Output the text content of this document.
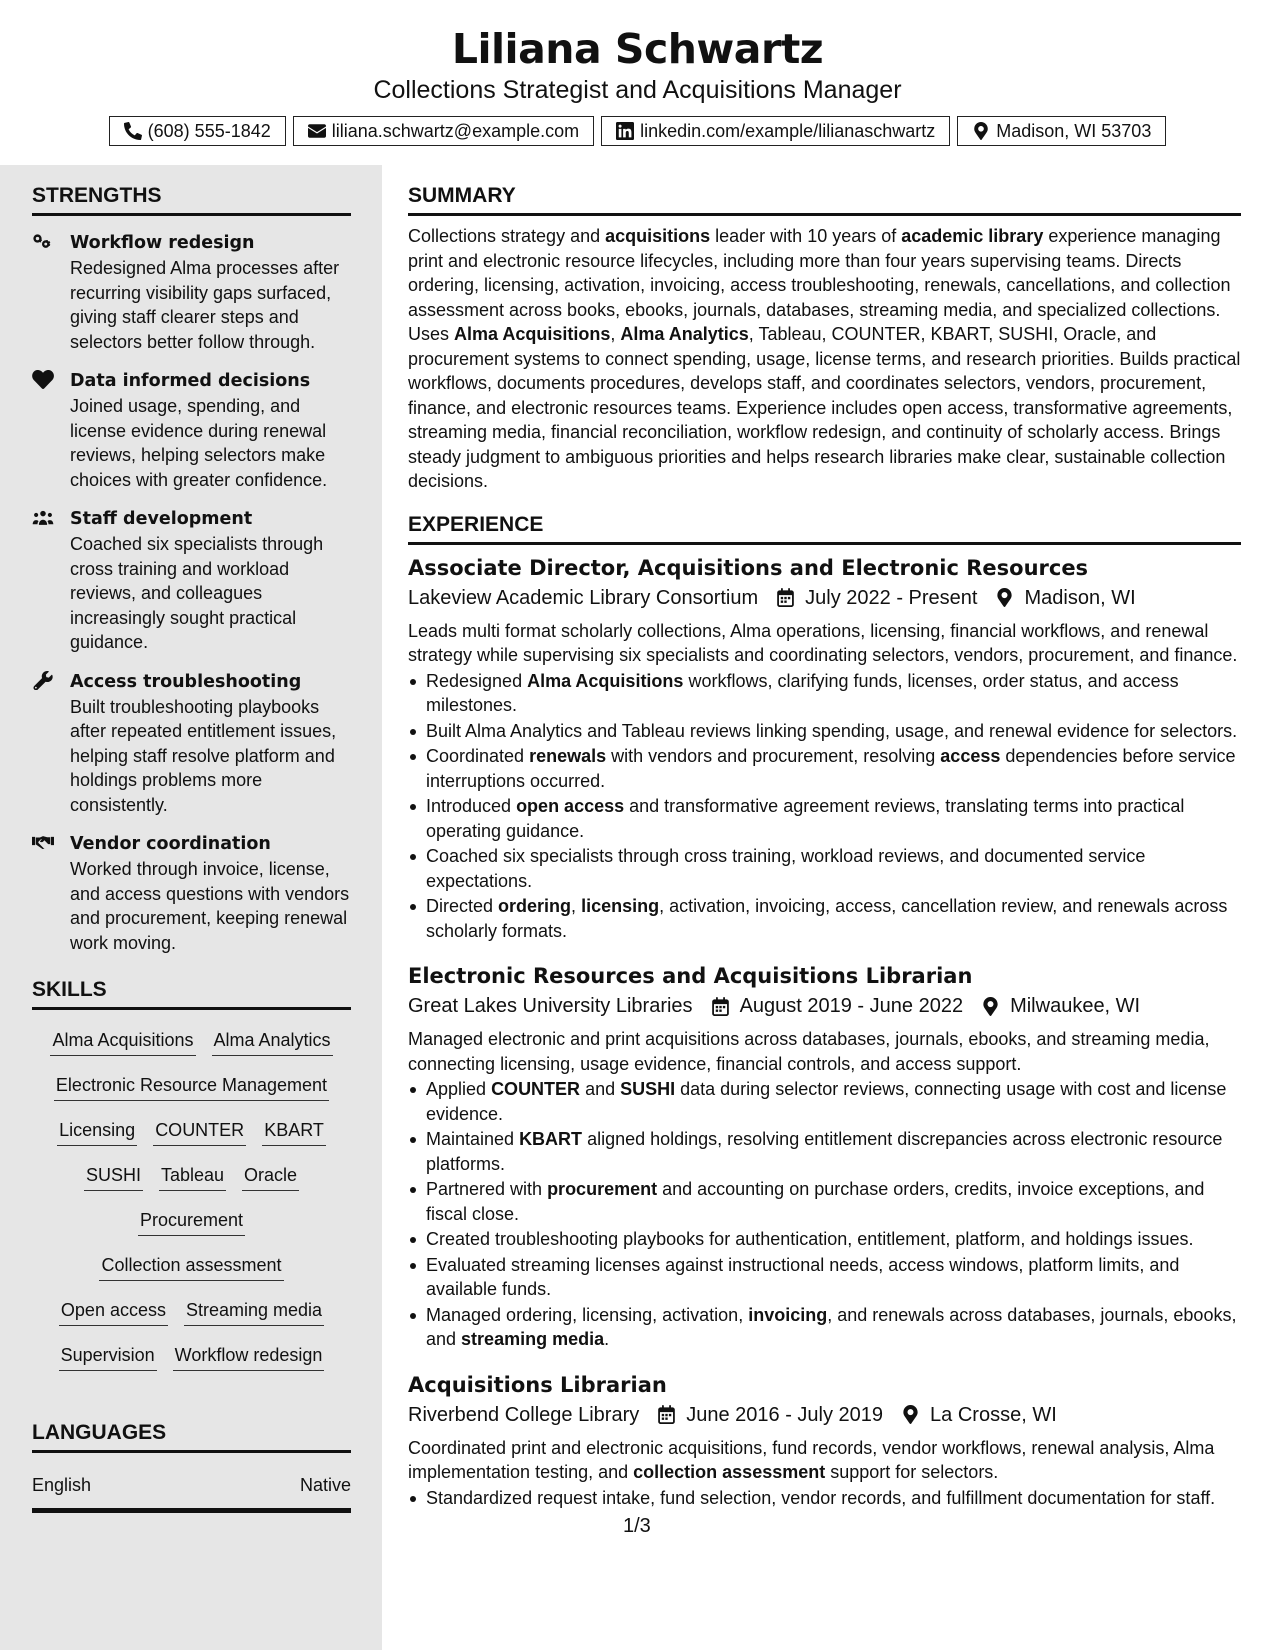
Liliana Schwartz
Collections Strategist and Acquisitions Manager
(608) 555-1842	liliana.schwartz@example.com	linkedin.com/example/lilianaschwartz	Madison, WI 53703
STRENGTHS
Workflow redesign
Redesigned Alma processes after recurring visibility gaps surfaced, giving staff clearer steps and selectors better follow through.
Data informed decisions
Joined usage, spending, and license evidence during renewal reviews, helping selectors make choices with greater confidence.
Staff development
Coached six specialists through cross training and workload reviews, and colleagues increasingly sought practical guidance.
Access troubleshooting
Built troubleshooting playbooks after repeated entitlement issues, helping staff resolve platform and holdings problems more consistently.
Vendor coordination
Worked through invoice, license, and access questions with vendors and procurement, keeping renewal work moving.
SKILLS
Alma Acquisitions Alma Analytics
Electronic Resource Management
Licensing COUNTER KBART
SUSHI Tableau Oracle
Procurement
Collection assessment
Open access Streaming media
Supervision Workflow redesign
LANGUAGES
English	Native
SUMMARY
Collections strategy and acquisitions leader with 10 years of academic library experience managing print and electronic resource lifecycles, including more than four years supervising teams. Directs ordering, licensing, activation, invoicing, access troubleshooting, renewals, cancellations, and collection assessment across books, ebooks, journals, databases, streaming media, and specialized collections. Uses Alma Acquisitions, Alma Analytics, Tableau, COUNTER, KBART, SUSHI, Oracle, and procurement systems to connect spending, usage, license terms, and research priorities. Builds practical workflows, documents procedures, develops staff, and coordinates selectors, vendors, procurement, finance, and electronic resources teams. Experience includes open access, transformative agreements, streaming media, financial reconciliation, workflow redesign, and continuity of scholarly access. Brings steady judgment to ambiguous priorities and helps research libraries make clear, sustainable collection decisions.
EXPERIENCE
Associate Director, Acquisitions and Electronic Resources
Lakeview Academic Library Consortium July 2022 - Present Madison, WI
Leads multi format scholarly collections, Alma operations, licensing, financial workflows, and renewal strategy while supervising six specialists and coordinating selectors, vendors, procurement, and finance.
Redesigned Alma Acquisitions workflows, clarifying funds, licenses, order status, and access milestones.
Built Alma Analytics and Tableau reviews linking spending, usage, and renewal evidence for selectors.
Coordinated renewals with vendors and procurement, resolving access dependencies before service interruptions occurred.
Introduced open access and transformative agreement reviews, translating terms into practical operating guidance.
Coached six specialists through cross training, workload reviews, and documented service expectations.
Directed ordering, licensing, activation, invoicing, access, cancellation review, and renewals across scholarly formats.
Electronic Resources and Acquisitions Librarian
Great Lakes University Libraries August 2019 - June 2022 Milwaukee, WI
Managed electronic and print acquisitions across databases, journals, ebooks, and streaming media, connecting licensing, usage evidence, financial controls, and access support.
Applied COUNTER and SUSHI data during selector reviews, connecting usage with cost and license evidence.
Maintained KBART aligned holdings, resolving entitlement discrepancies across electronic resource platforms.
Partnered with procurement and accounting on purchase orders, credits, invoice exceptions, and fiscal close.
Created troubleshooting playbooks for authentication, entitlement, platform, and holdings issues.
Evaluated streaming licenses against instructional needs, access windows, platform limits, and available funds.
Managed ordering, licensing, activation, invoicing, and renewals across databases, journals, ebooks, and streaming media.
Acquisitions Librarian
Riverbend College Library June 2016 - July 2019 La Crosse, WI
Coordinated print and electronic acquisitions, fund records, vendor workflows, renewal analysis, Alma implementation testing, and collection assessment support for selectors.
Standardized request intake, fund selection, vendor records, and fulfillment documentation for staff.
1/3
